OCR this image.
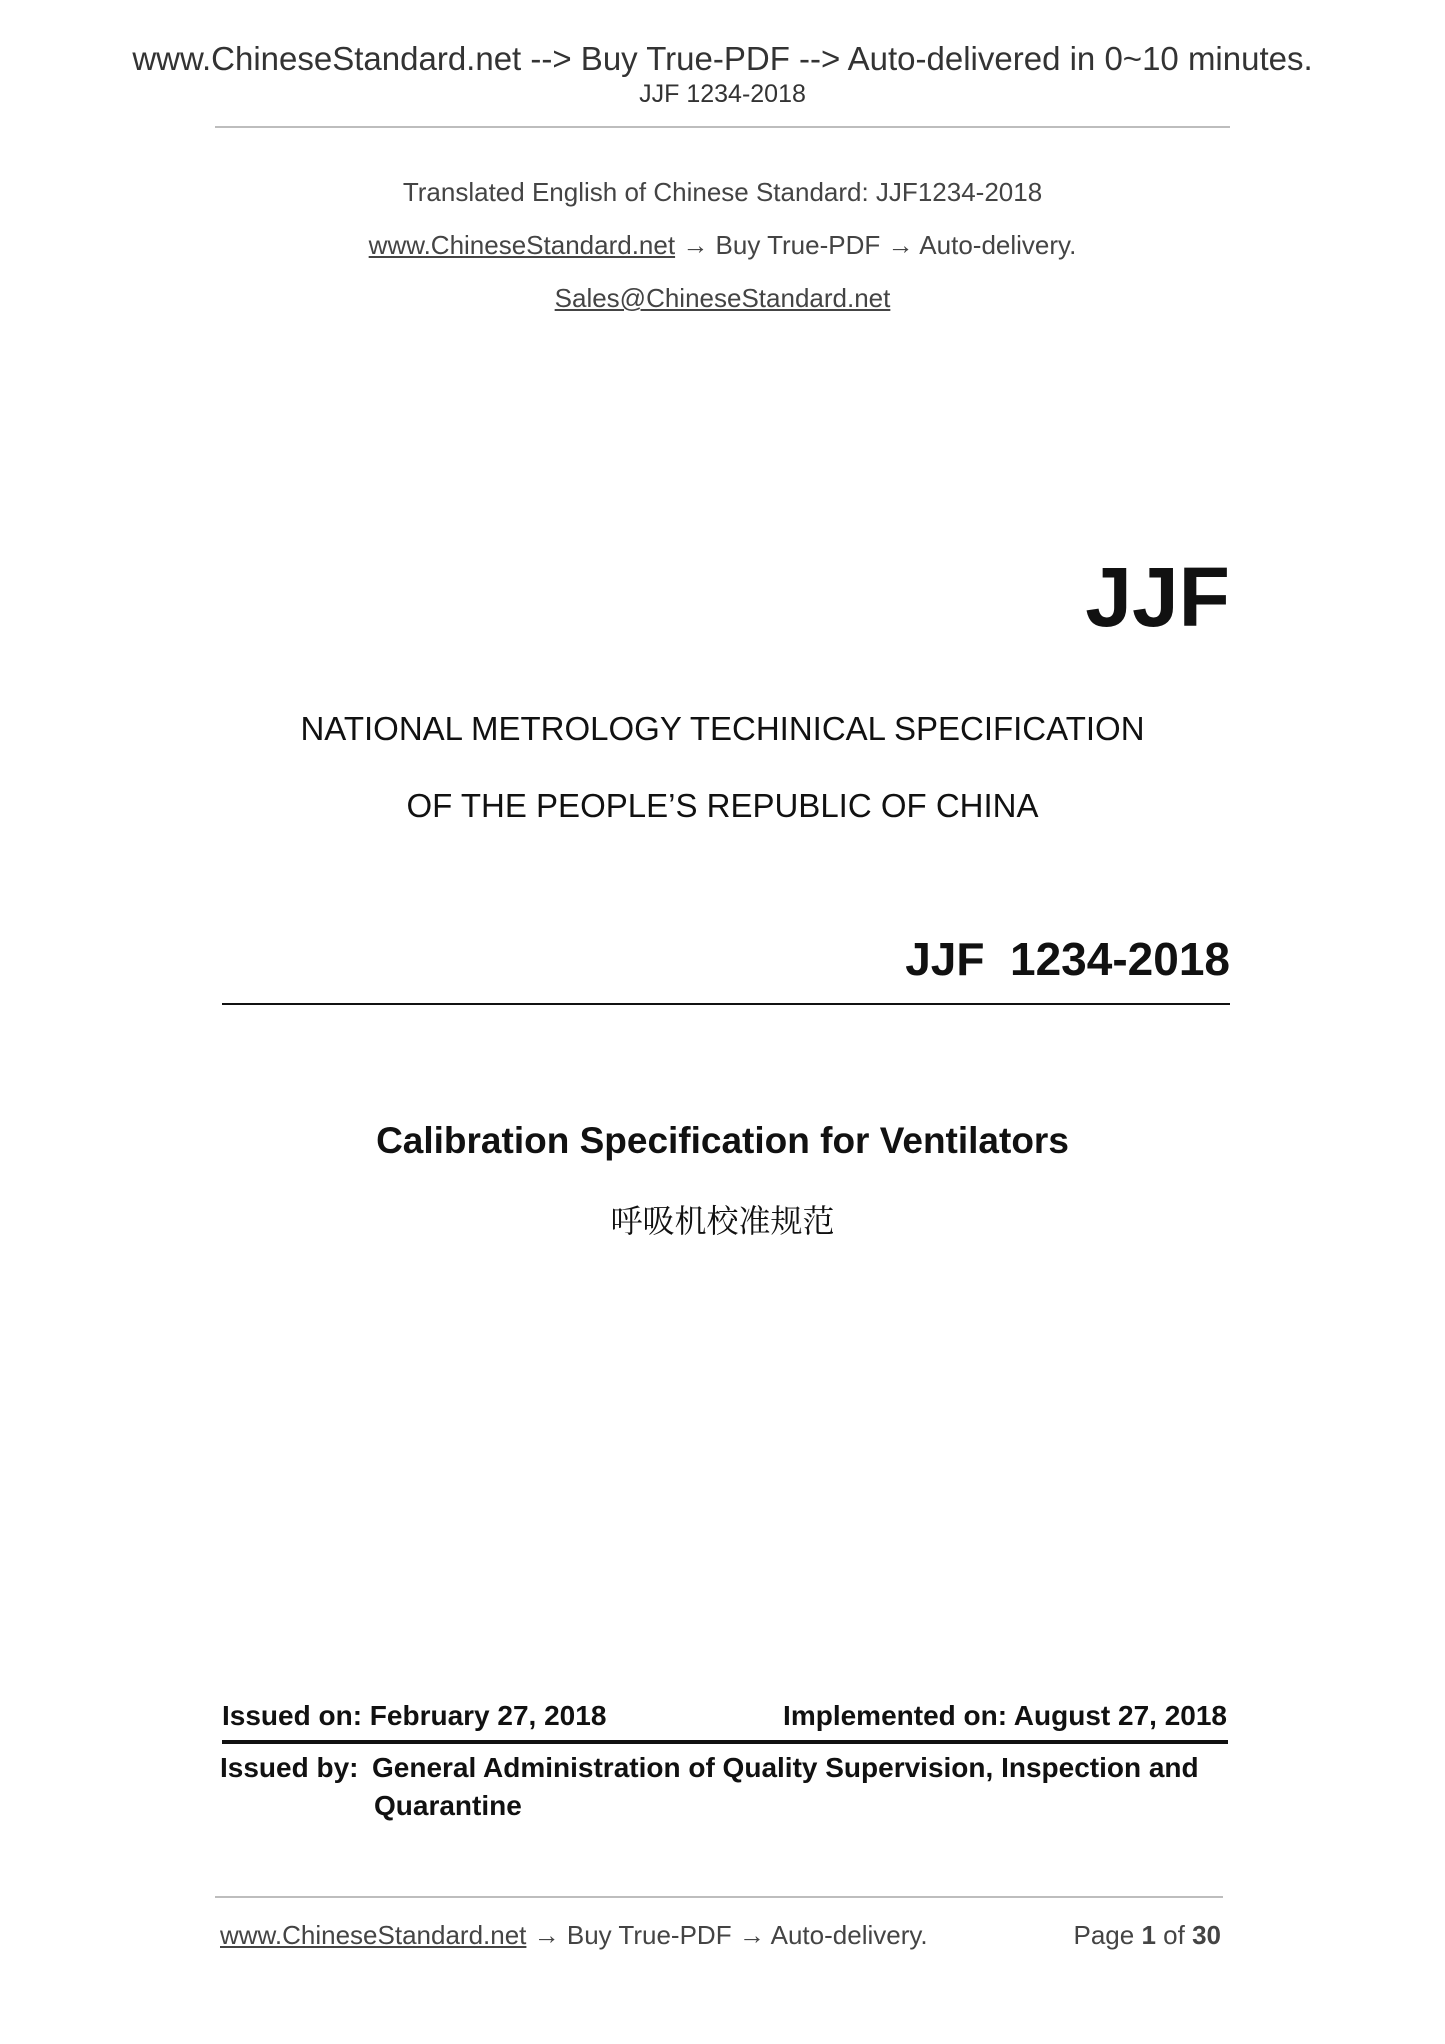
www.ChineseStandard.net --> Buy True-PDF --> Auto-delivered in 0~10 minutes.
JJF 1234-2018
Translated English of Chinese Standard: JJF1234-2018
www.ChineseStandard.net → Buy True-PDF → Auto-delivery.
Sales@ChineseStandard.net
JJF
NATIONAL METROLOGY TECHINICAL SPECIFICATION
OF THE PEOPLE’S REPUBLIC OF CHINA
JJF  1234-2018
Calibration Specification for Ventilators
呼吸机校准规范
Issued on: February 27, 2018	Implemented on: August 27, 2018
Issued by: General Administration of Quality Supervision, Inspection and
Quarantine
www.ChineseStandard.net → Buy True-PDF → Auto-delivery.	Page 1 of 30
